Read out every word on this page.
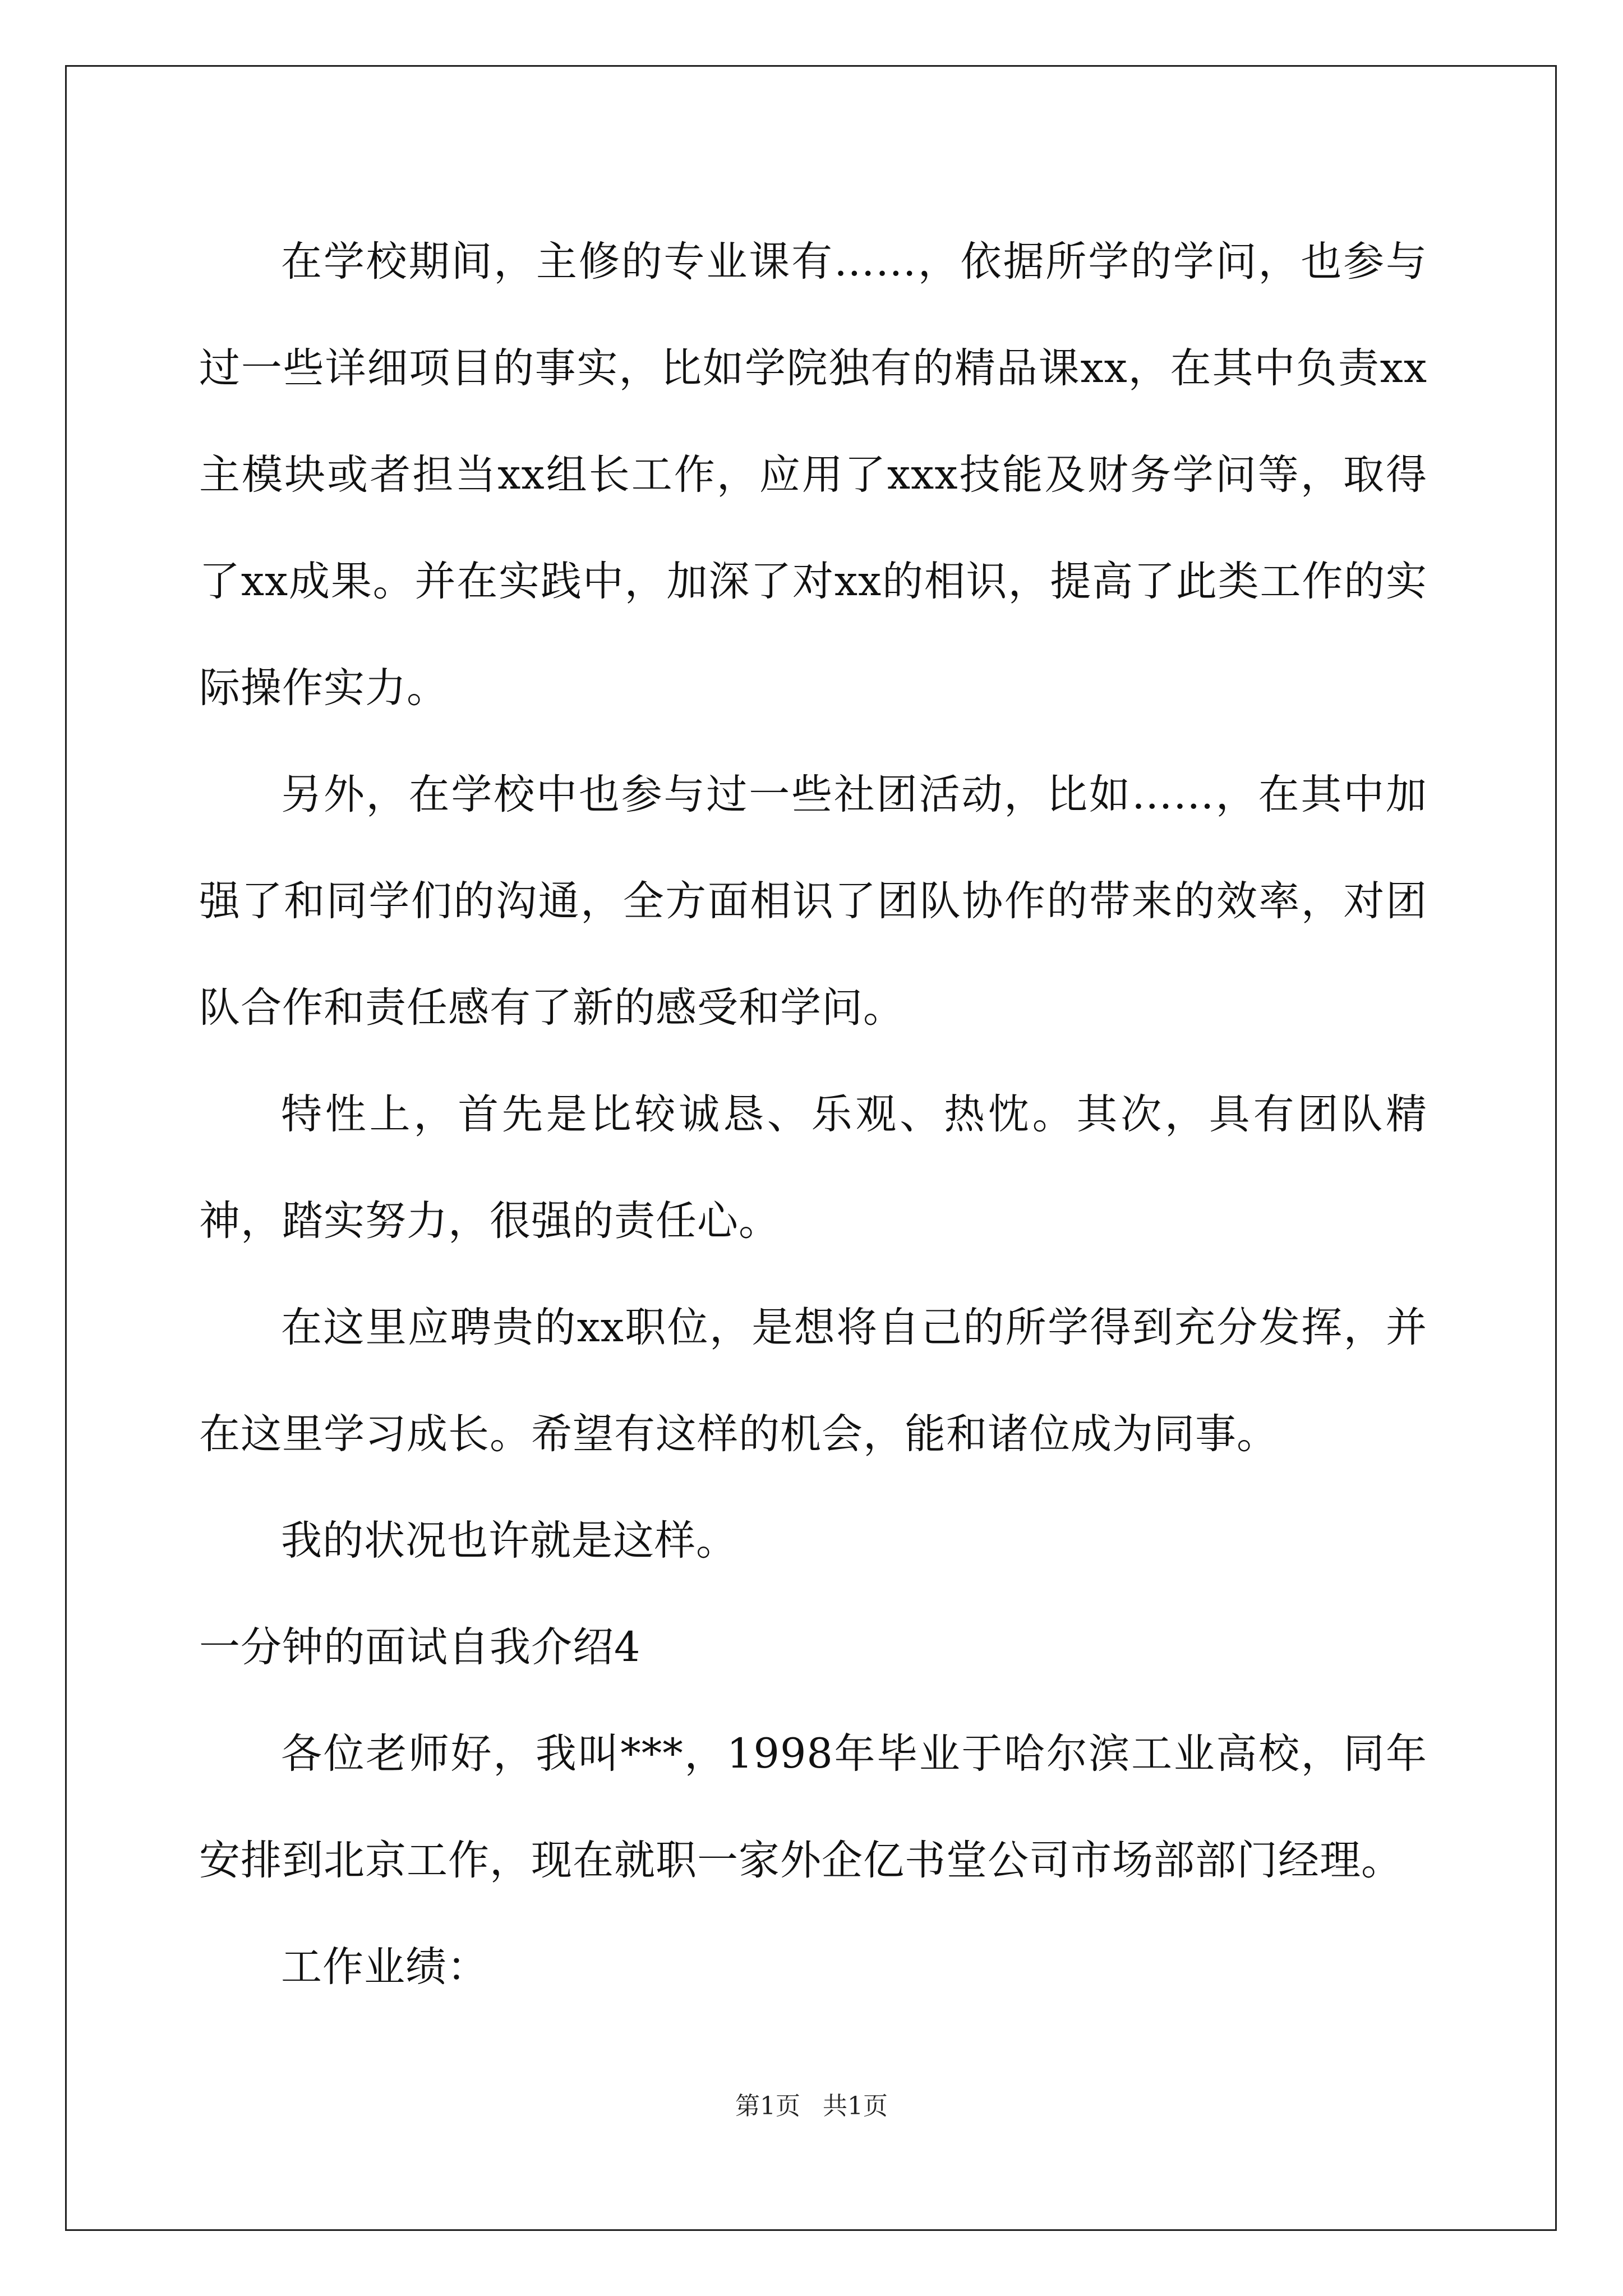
在学校期间，主修的专业课有……，依据所学的学问，也参与过一些详细项目的事实，比如学院独有的精品课xx，在其中负责xx主模块或者担当xx组长工作，应用了xxx技能及财务学问等，取得了xx成果。并在实践中，加深了对xx的相识，提高了此类工作的实际操作实力。

另外，在学校中也参与过一些社团活动，比如……，在其中加强了和同学们的沟通，全方面相识了团队协作的带来的效率，对团队合作和责任感有了新的感受和学问。

特性上，首先是比较诚恳、乐观、热忱。其次，具有团队精神，踏实努力，很强的责任心。

在这里应聘贵的xx职位，是想将自己的所学得到充分发挥，并在这里学习成长。希望有这样的机会，能和诸位成为同事。

我的状况也许就是这样。

一分钟的面试自我介绍4

各位老师好，我叫***，1998年毕业于哈尔滨工业高校，同年安排到北京工作，现在就职一家外企亿书堂公司市场部部门经理。

工作业绩：

第1页 共1页
